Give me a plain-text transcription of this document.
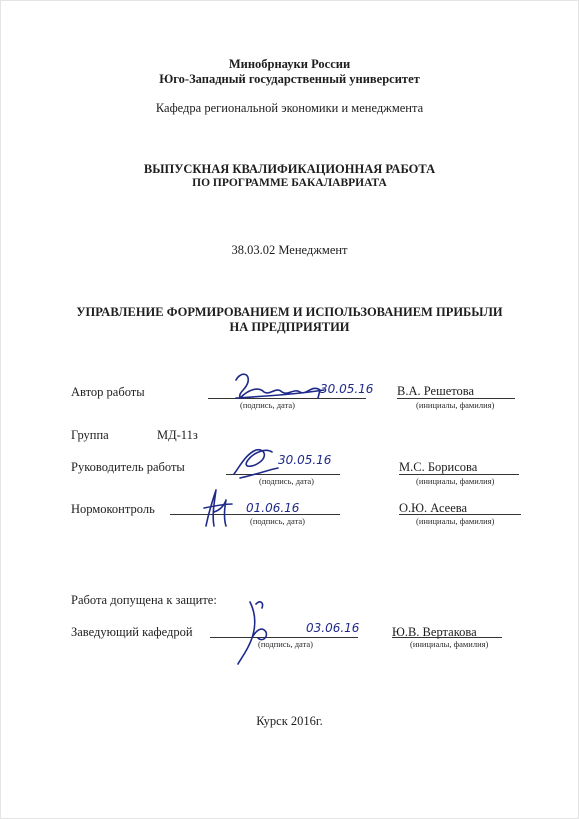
Минобрнауки России
Юго-Западный государственный университет
Кафедра региональной экономики и менеджмента
ВЫПУСКНАЯ КВАЛИФИКАЦИОННАЯ РАБОТА
ПО ПРОГРАММЕ БАКАЛАВРИАТА
38.03.02 Менеджмент
УПРАВЛЕНИЕ ФОРМИРОВАНИЕМ И ИСПОЛЬЗОВАНИЕМ ПРИБЫЛИ
НА ПРЕДПРИЯТИИ
Автор работы
(подпись, дата)
В.А. Решетова
(инициалы, фамилия)
30.05.16
Группа	МД-11з
Руководитель работы
(подпись, дата)
М.С. Борисова
(инициалы, фамилия)
30.05.16
Нормоконтроль
(подпись, дата)
О.Ю. Асеева
(инициалы, фамилия)
01.06.16
Работа допущена к защите:
Заведующий кафедрой
(подпись, дата)
Ю.В. Вертакова
(инициалы, фамилия)
03.06.16
Курск 2016г.
